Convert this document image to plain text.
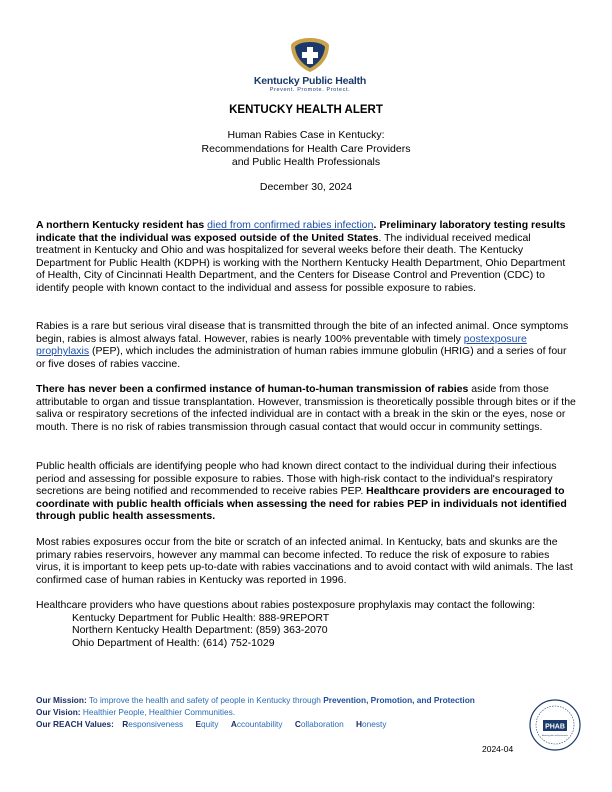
Kentucky Public Health
Prevent. Promote. Protect.
KENTUCKY HEALTH ALERT
Human Rabies Case in Kentucky:
Recommendations for Health Care Providers
and Public Health Professionals
December 30, 2024

A northern Kentucky resident has died from confirmed rabies infection. Preliminary laboratory testing results indicate that the individual was exposed outside of the United States. The individual received medical treatment in Kentucky and Ohio and was hospitalized for several weeks before their death. The Kentucky Department for Public Health (KDPH) is working with the Northern Kentucky Health Department, Ohio Department of Health, City of Cincinnati Health Department, and the Centers for Disease Control and Prevention (CDC) to identify people with known contact to the individual and assess for possible exposure to rabies.

Rabies is a rare but serious viral disease that is transmitted through the bite of an infected animal. Once symptoms begin, rabies is almost always fatal. However, rabies is nearly 100% preventable with timely postexposure prophylaxis (PEP), which includes the administration of human rabies immune globulin (HRIG) and a series of four or five doses of rabies vaccine.

There has never been a confirmed instance of human-to-human transmission of rabies aside from those attributable to organ and tissue transplantation. However, transmission is theoretically possible through bites or if the saliva or respiratory secretions of the infected individual are in contact with a break in the skin or the eyes, nose or mouth. There is no risk of rabies transmission through casual contact that would occur in community settings.

Public health officials are identifying people who had known direct contact to the individual during their infectious period and assessing for possible exposure to rabies. Those with high-risk contact to the individual's respiratory secretions are being notified and recommended to receive rabies PEP. Healthcare providers are encouraged to coordinate with public health officials when assessing the need for rabies PEP in individuals not identified through public health assessments.

Most rabies exposures occur from the bite or scratch of an infected animal. In Kentucky, bats and skunks are the primary rabies reservoirs, however any mammal can become infected. To reduce the risk of exposure to rabies virus, it is important to keep pets up-to-date with rabies vaccinations and to avoid contact with wild animals. The last confirmed case of human rabies in Kentucky was reported in 1996.

Healthcare providers who have questions about rabies postexposure prophylaxis may contact the following:
Kentucky Department for Public Health: 888-9REPORT
Northern Kentucky Health Department: (859) 363-2070
Ohio Department of Health: (614) 752-1029
Our Mission: To improve the health and safety of people in Kentucky through Prevention, Promotion, and Protection
Our Vision: Healthier People, Healthier Communities.
Our REACH Values: Responsiveness Equity Accountability Collaboration Honesty	PHAB
Advancing public health performance
2024-04
